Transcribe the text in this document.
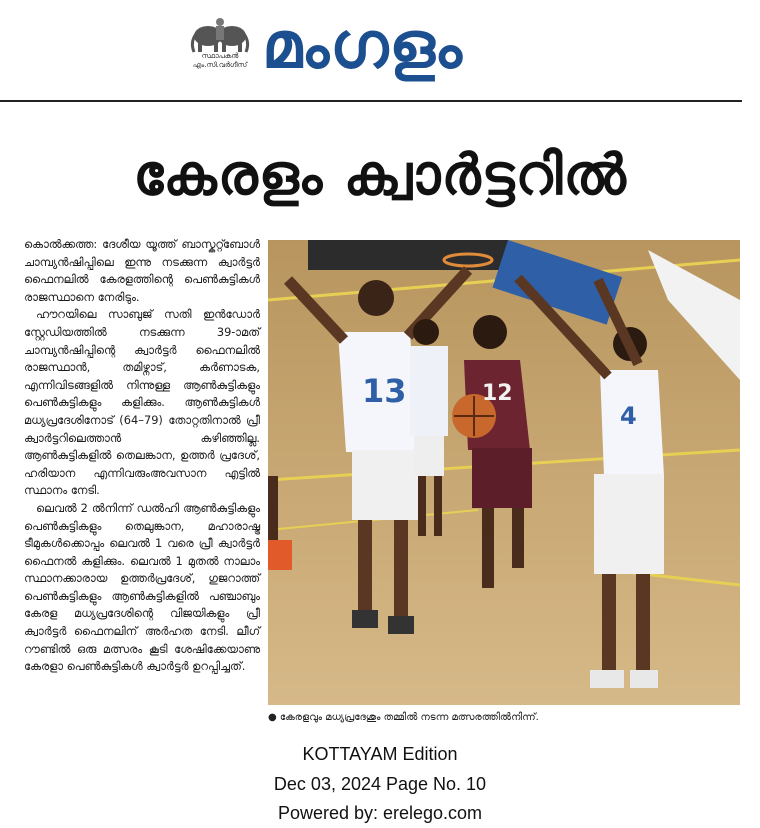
സ്ഥാപകൻ
എം.സി.വർഗീസ് മംഗളം
കേരളം ക്വാർട്ടറിൽ

കൊൽക്കത്ത: ദേശീയ യൂത്ത് ബാസ്കറ്റ്ബോൾ ചാമ്പ്യൻഷിപ്പിലെ ഇന്നു നടക്കുന്ന ക്വാർട്ടർ ഫൈനലിൽ കേരളത്തിന്റെ പെൺകുട്ടികൾ രാജസ്ഥാനെ നേരിടും.

ഹൗറയിലെ സാബുജ് സതി ഇൻഡോർ സ്റ്റേഡിയത്തിൽ നടക്കുന്ന 39-ാമത് ചാമ്പ്യൻഷിപ്പിന്റെ ക്വാർട്ടർ ഫൈനലിൽ രാജസ്ഥാൻ, തമിഴ്നാട്, കർണാടക, എന്നിവിടങ്ങളിൽ നിന്നുള്ള ആൺകുട്ടികളും പെൺകുട്ടികളും കളിക്കും. ആൺകുട്ടികൾ മധ്യപ്രദേശിനോട് (64–79) തോറ്റതിനാൽ പ്രീ ക്വാർട്ടറിലെത്താൻ കഴിഞ്ഞില്ല. ആൺകുട്ടികളിൽ തെലങ്കാന, ഉത്തർ പ്രദേശ്, ഹരിയാന എന്നിവരുംഅവസാന എട്ടിൽ സ്ഥാനം നേടി.

ലെവൽ 2 ൽനിന്ന് ഡൽഹി ആൺകുട്ടികളും പെൺകുട്ടികളും തെലുങ്കാന, മഹാരാഷ്ട്ര ടീമുകൾക്കൊപ്പം ലെവൽ 1 വരെ പ്രീ ക്വാർട്ടർ ഫൈനൽ കളിക്കും. ലെവൽ 1 മുതൽ നാലാം സ്ഥാനക്കാരായ ഉത്തർപ്രദേശ്, ഗുജറാത്ത് പെൺകുട്ടികളും ആൺകുട്ടികളിൽ പഞ്ചാബും കേരള മധ്യപ്രദേശിന്റെ വിജയികളും പ്രീ ക്വാർട്ടർ ഫൈനലിന് അർഹത നേടി. ലീഗ് റൗണ്ടിൽ ഒരു മത്സരം കൂടി ശേഷിക്കേയാണു കേരളാ പെൺകുട്ടികൾ ക്വാർട്ടർ ഉറപ്പിച്ചത്.

13	12
4
● കേരളവും മധ്യപ്രദേശും തമ്മിൽ നടന്ന മത്സരത്തിൽനിന്ന്.
KOTTAYAM Edition
Dec 03, 2024 Page No. 10
Powered by: erelego.com
